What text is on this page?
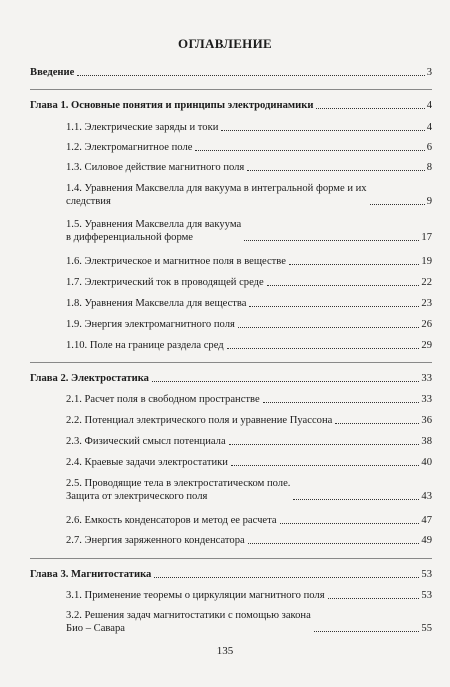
ОГЛАВЛЕНИЕ
Введение	3
Глава 1. Основные понятия и принципы электродинамики	4
1.1. Электрические заряды и токи	4
1.2. Электромагнитное поле	6
1.3. Силовое действие магнитного поля	8
1.4. Уравнения Максвелла для вакуума в интегральной форме и их
следствия	9
1.5. Уравнения Максвелла для вакуума
в дифференциальной форме	17
1.6. Электрическое и магнитное поля в веществе	19
1.7. Электрический ток в проводящей среде	22
1.8. Уравнения Максвелла для вещества	23
1.9. Энергия электромагнитного поля	26
1.10. Поле на границе раздела сред	29
Глава 2. Электростатика	33
2.1. Расчет поля в свободном пространстве	33
2.2. Потенциал электрического поля и уравнение Пуассона	36
2.3. Физический смысл потенциала	38
2.4. Краевые задачи электростатики	40
2.5. Проводящие тела в электростатическом поле.
Защита от электрического поля	43
2.6. Емкость конденсаторов и метод ее расчета	47
2.7. Энергия заряженного конденсатора	49
Глава 3. Магнитостатика	53
3.1. Применение теоремы о циркуляции магнитного поля	53
3.2. Решения задач магнитостатики с помощью закона
Био – Савара	55
135
